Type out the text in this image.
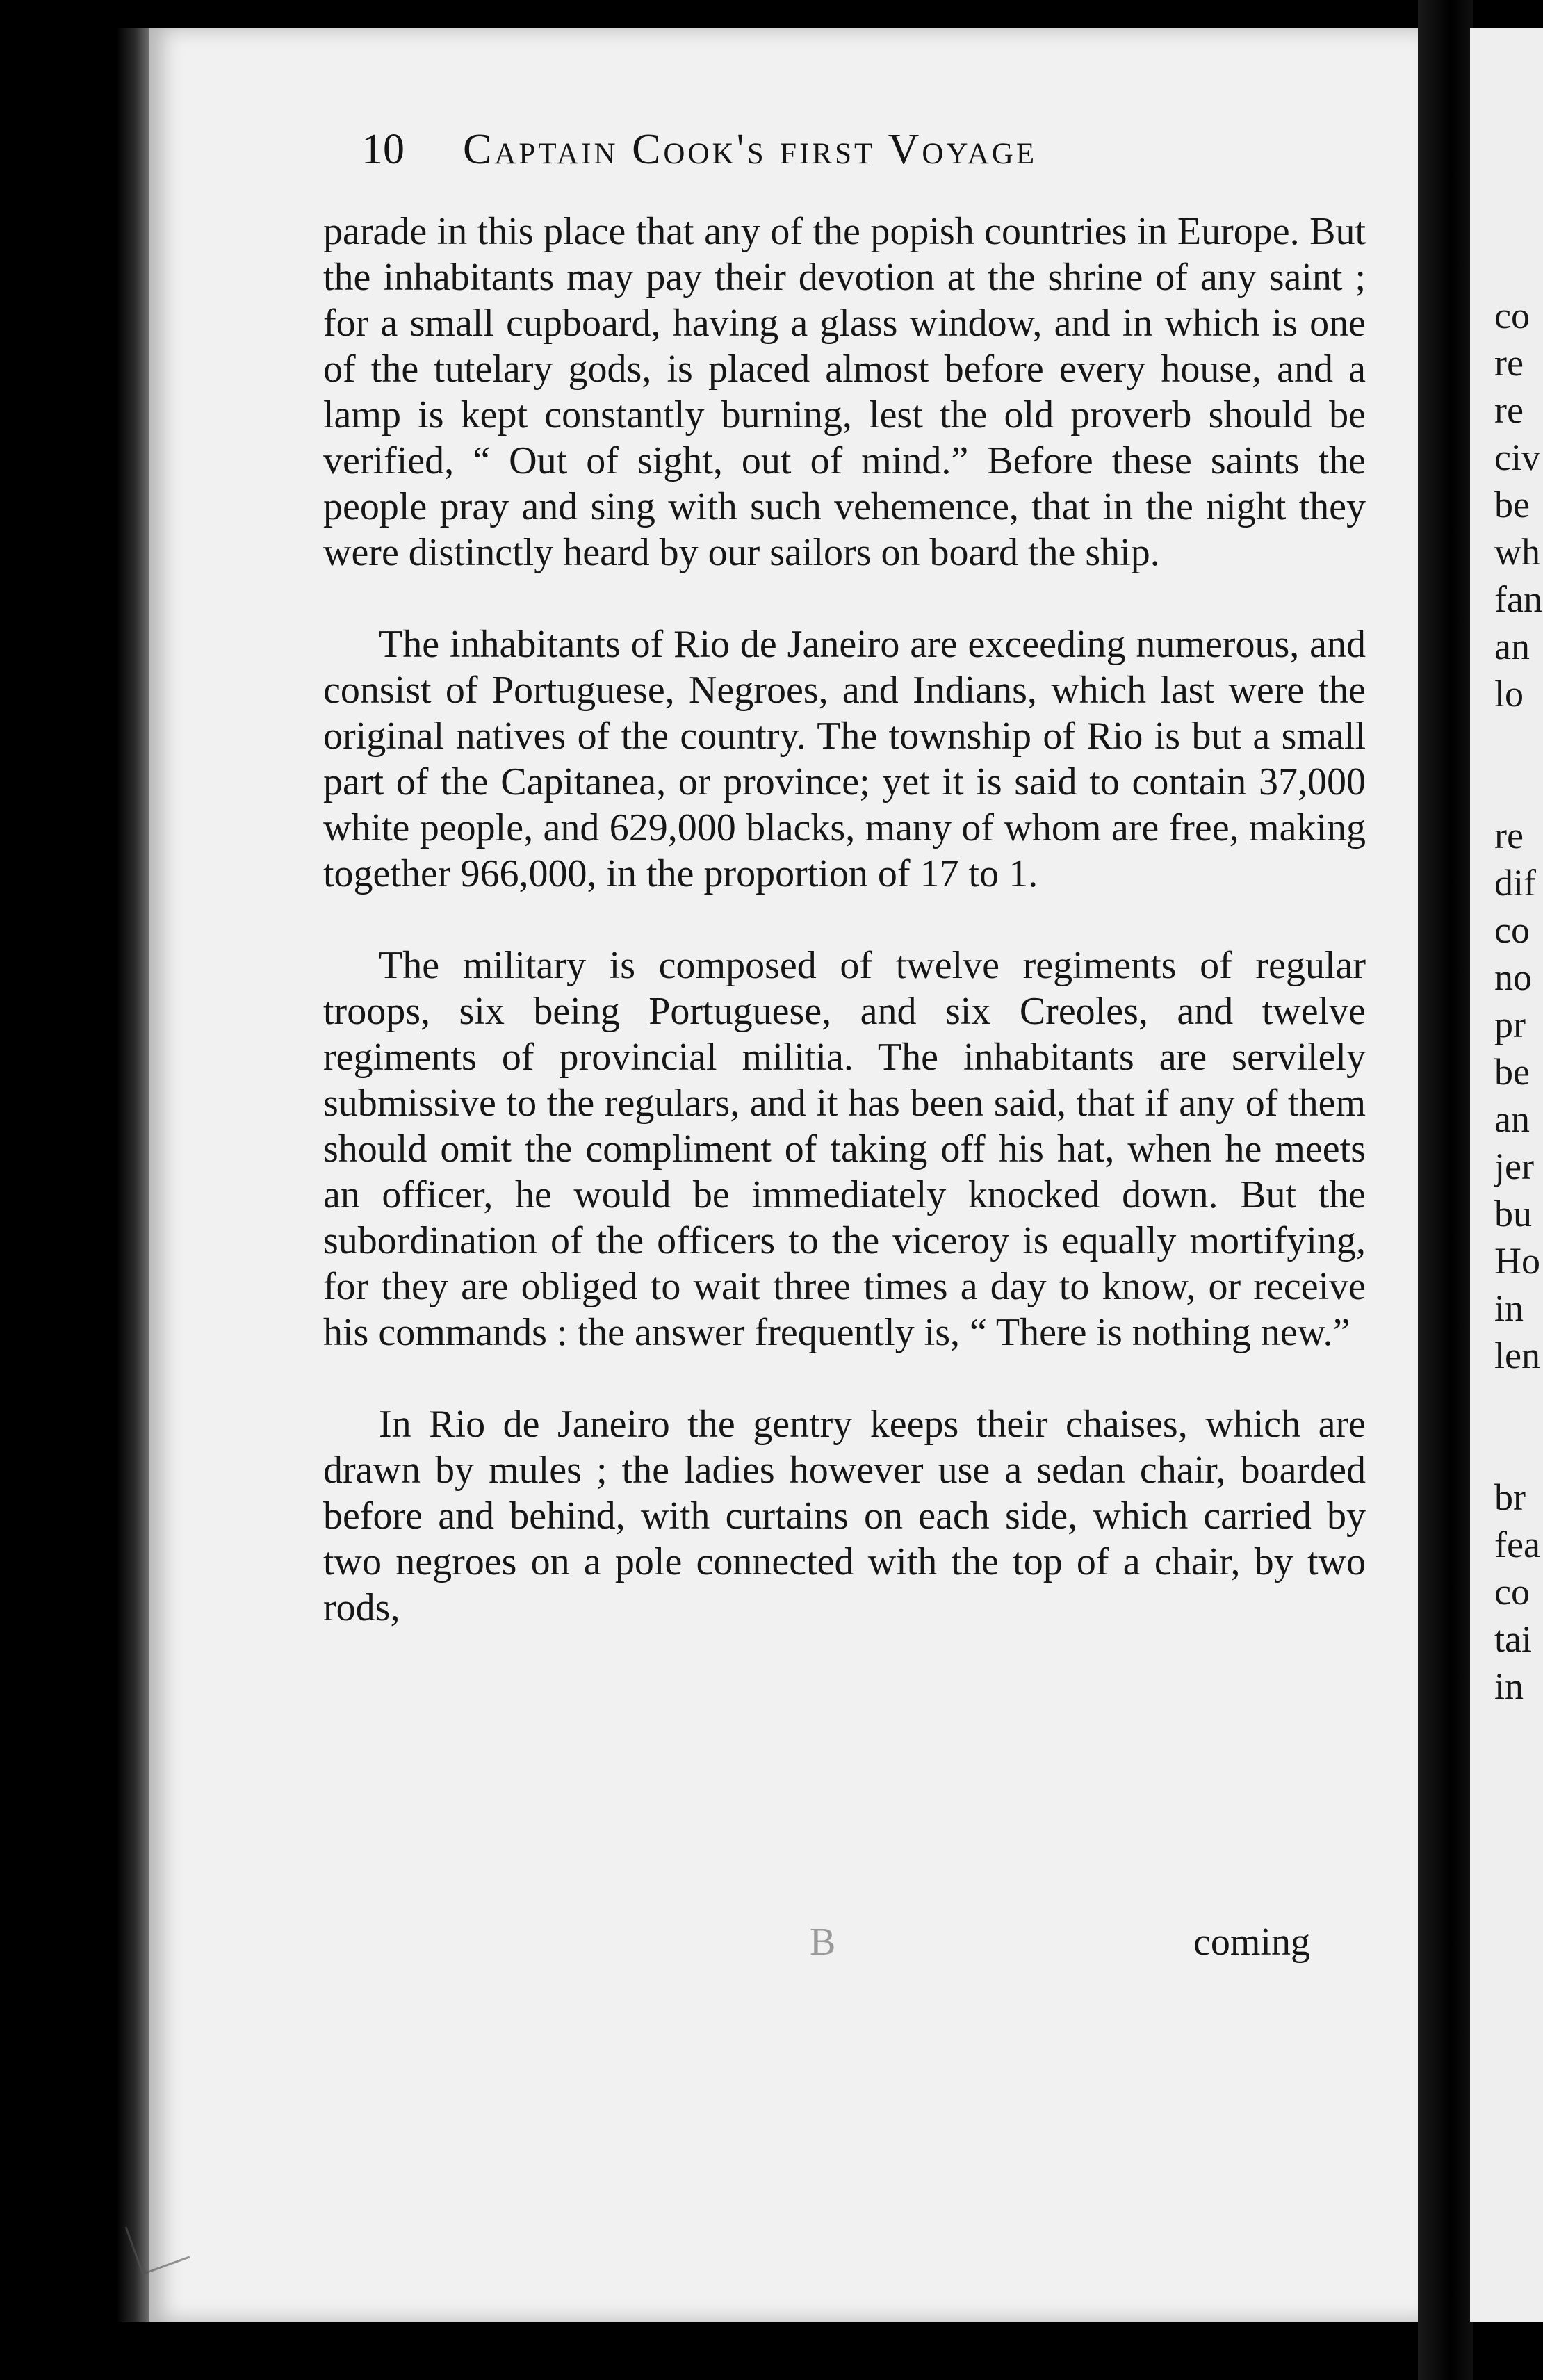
10 Captain Cook's first Voyage

parade in this place that any of the popish countries in Europe. But the inhabitants may pay their devotion at the shrine of any saint ; for a small cupboard, having a glass window, and in which is one of the tutelary gods, is placed almost before every house, and a lamp is kept constantly burning, lest the old proverb should be verified, “ Out of sight, out of mind.” Before these saints the people pray and sing with such vehemence, that in the night they were distinctly heard by our sailors on board the ship.

The inhabitants of Rio de Janeiro are exceeding numerous, and consist of Portuguese, Negroes, and Indians, which last were the original natives of the country. The township of Rio is but a small part of the Capitanea, or province; yet it is said to contain 37,000 white people, and 629,000 blacks, many of whom are free, making together 966,000, in the proportion of 17 to 1.

The military is composed of twelve regiments of regular troops, six being Portuguese, and six Creoles, and twelve regiments of provincial militia. The inhabitants are servilely submissive to the regulars, and it has been said, that if any of them should omit the compliment of taking off his hat, when he meets an officer, he would be immediately knocked down. But the subordination of the officers to the viceroy is equally mortifying, for they are obliged to wait three times a day to know, or receive his commands : the answer frequently is, “ There is nothing new.”

In Rio de Janeiro the gentry keeps their chaises, which are drawn by mules ; the ladies however use a sedan chair, boarded before and behind, with curtains on each side, which carried by two negroes on a pole connected with the top of a chair, by two rods,

B	coming
co
re
re
civ
be
wh
fan
an
lo
re
dif
co
no
pr
be
an
jer
bu
Ho
in
len
br
fea
co
tai
in
